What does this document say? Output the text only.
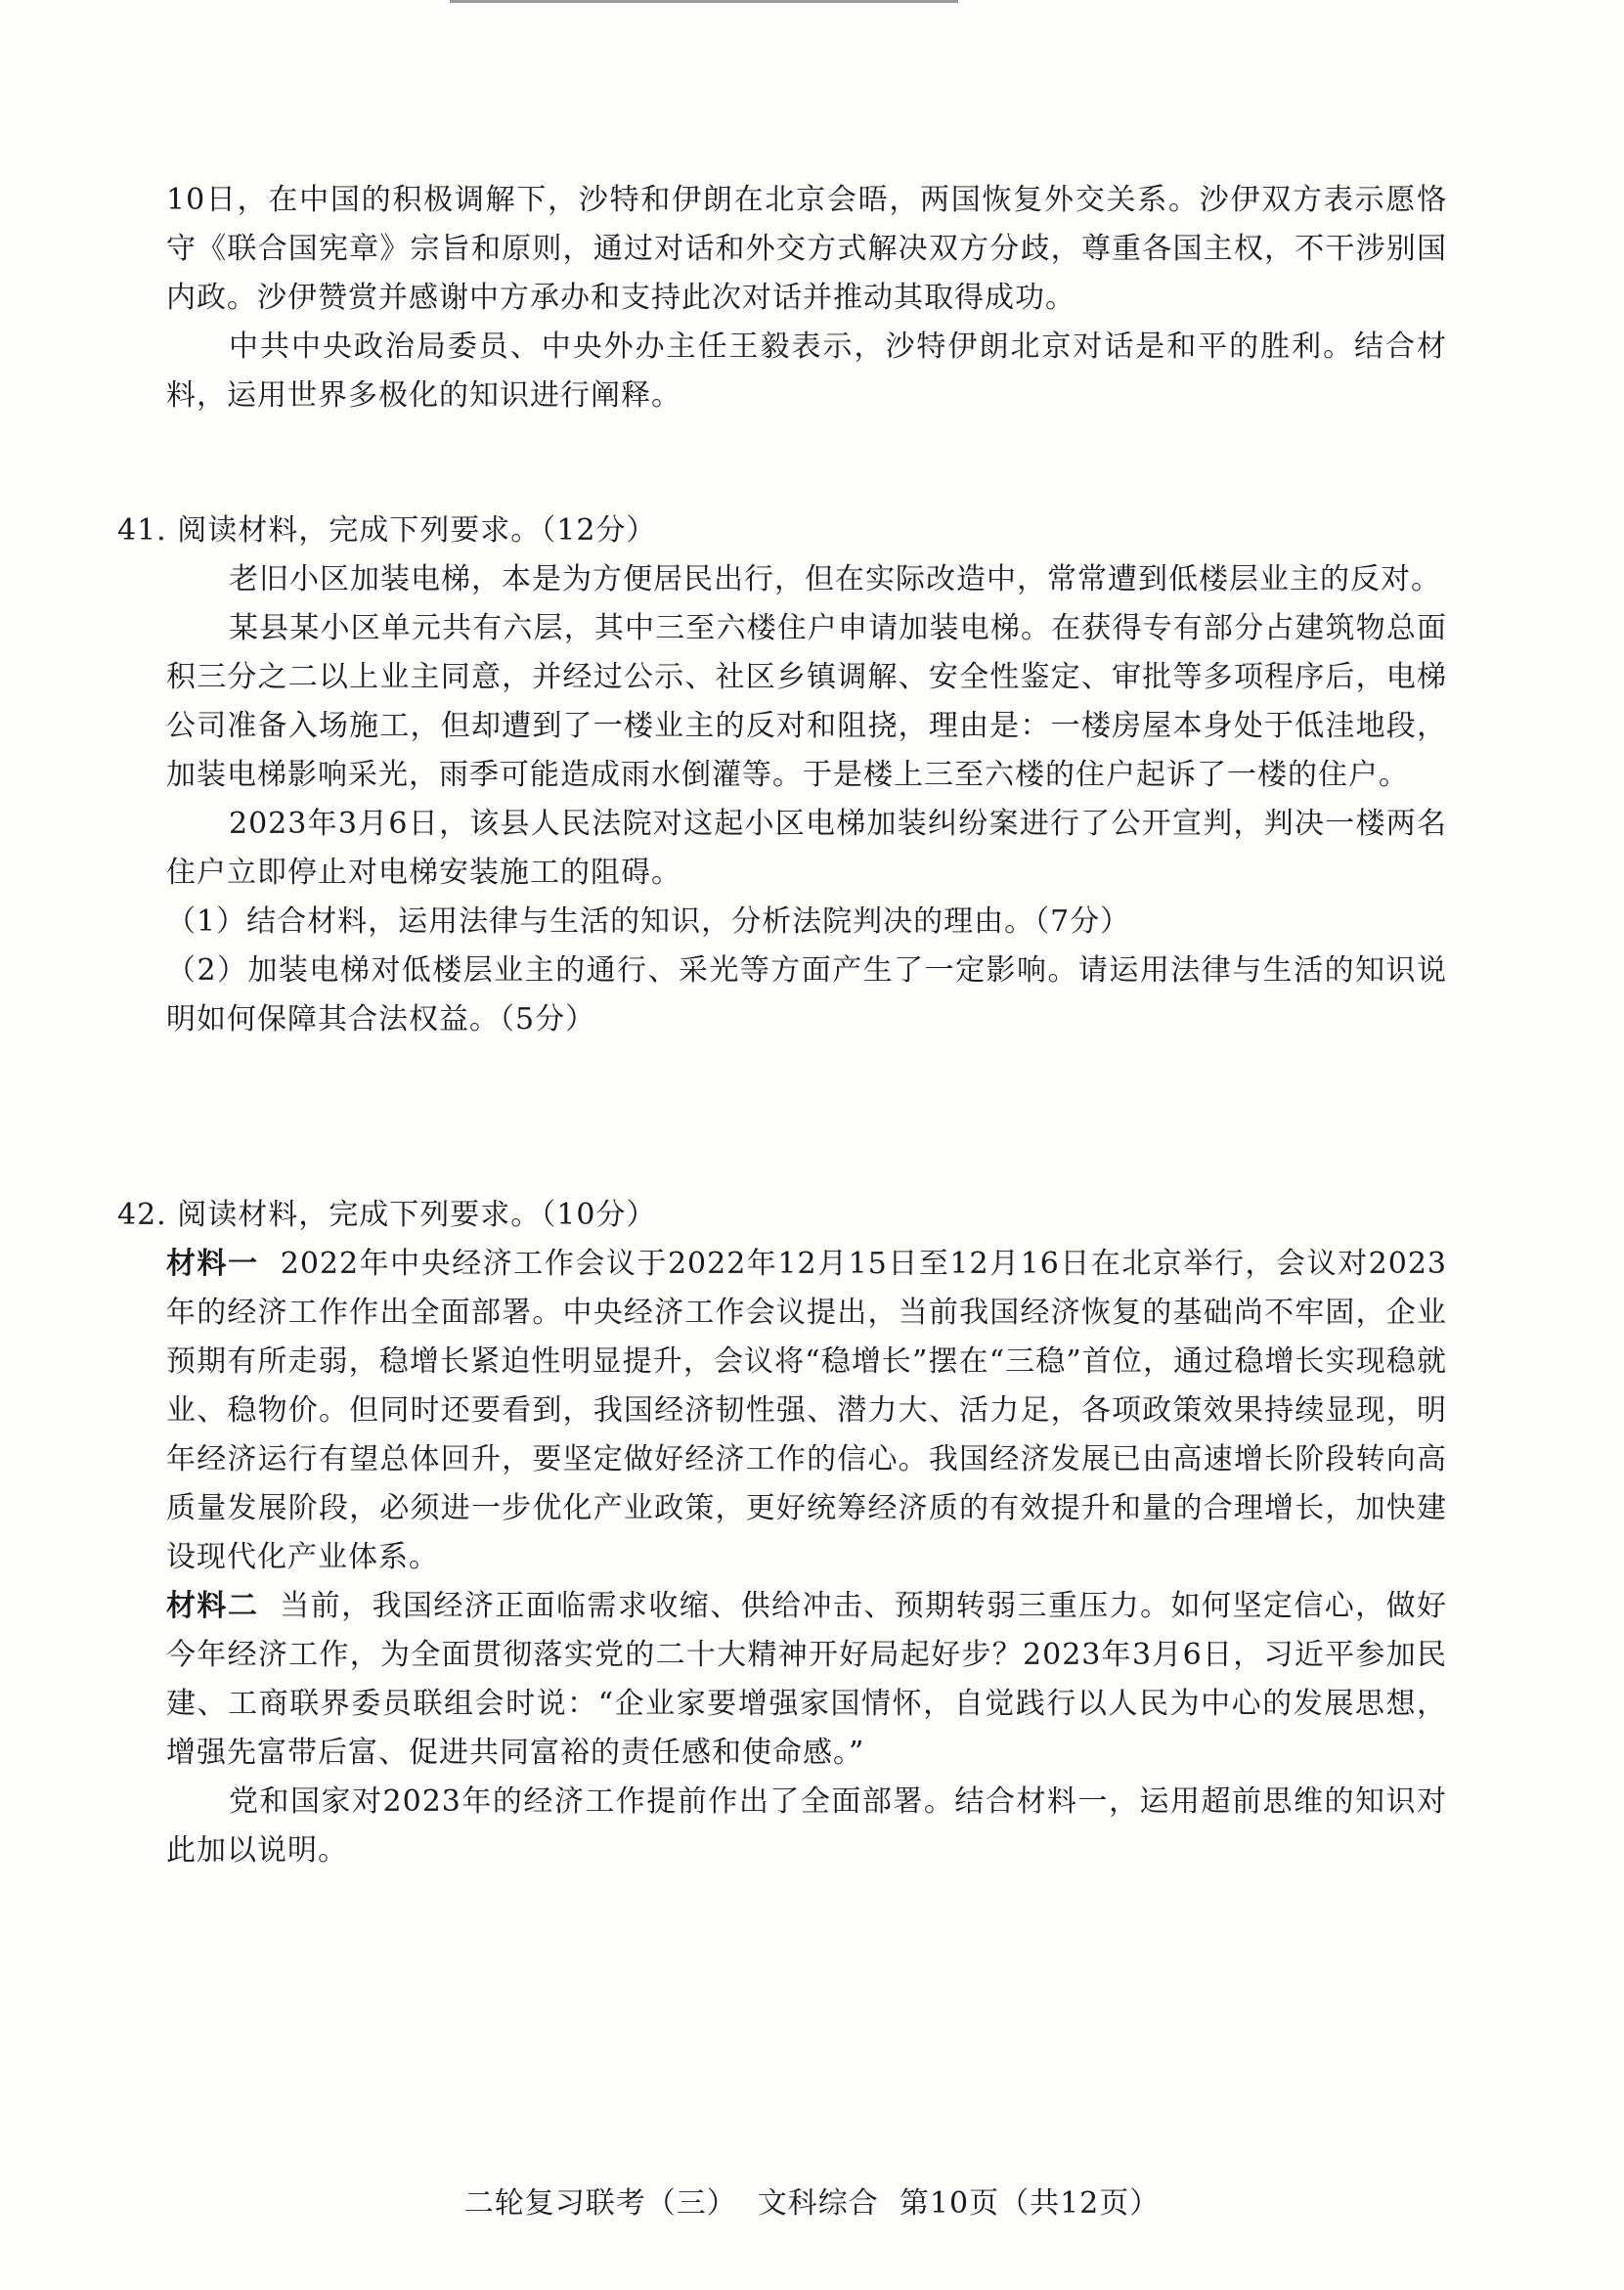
10日，在中国的积极调解下，沙特和伊朗在北京会晤，两国恢复外交关系。沙伊双方表示愿恪守《联合国宪章》宗旨和原则，通过对话和外交方式解决双方分歧，尊重各国主权，不干涉别国内政。沙伊赞赏并感谢中方承办和支持此次对话并推动其取得成功。

中共中央政治局委员、中央外办主任王毅表示，沙特伊朗北京对话是和平的胜利。结合材料，运用世界多极化的知识进行阐释。

41. 阅读材料，完成下列要求。（12分）

老旧小区加装电梯，本是为方便居民出行，但在实际改造中，常常遭到低楼层业主的反对。

某县某小区单元共有六层，其中三至六楼住户申请加装电梯。在获得专有部分占建筑物总面积三分之二以上业主同意，并经过公示、社区乡镇调解、安全性鉴定、审批等多项程序后，电梯公司准备入场施工，但却遭到了一楼业主的反对和阻挠，理由是：一楼房屋本身处于低洼地段，加装电梯影响采光，雨季可能造成雨水倒灌等。于是楼上三至六楼的住户起诉了一楼的住户。

2023年3月6日，该县人民法院对这起小区电梯加装纠纷案进行了公开宣判，判决一楼两名住户立即停止对电梯安装施工的阻碍。

（1）结合材料，运用法律与生活的知识，分析法院判决的理由。（7分）

（2）加装电梯对低楼层业主的通行、采光等方面产生了一定影响。请运用法律与生活的知识说明如何保障其合法权益。（5分）

42. 阅读材料，完成下列要求。（10分）

材料一 2022年中央经济工作会议于2022年12月15日至12月16日在北京举行，会议对2023年的经济工作作出全面部署。中央经济工作会议提出，当前我国经济恢复的基础尚不牢固，企业预期有所走弱，稳增长紧迫性明显提升，会议将“稳增长”摆在“三稳”首位，通过稳增长实现稳就业、稳物价。但同时还要看到，我国经济韧性强、潜力大、活力足，各项政策效果持续显现，明年经济运行有望总体回升，要坚定做好经济工作的信心。我国经济发展已由高速增长阶段转向高质量发展阶段，必须进一步优化产业政策，更好统筹经济质的有效提升和量的合理增长，加快建设现代化产业体系。

材料二 当前，我国经济正面临需求收缩、供给冲击、预期转弱三重压力。如何坚定信心，做好今年经济工作，为全面贯彻落实党的二十大精神开好局起好步？2023年3月6日，习近平参加民建、工商联界委员联组会时说：“企业家要增强家国情怀，自觉践行以人民为中心的发展思想，增强先富带后富、促进共同富裕的责任感和使命感。”

党和国家对2023年的经济工作提前作出了全面部署。结合材料一，运用超前思维的知识对此加以说明。

二轮复习联考（三） 文科综合 第10页（共12页）
